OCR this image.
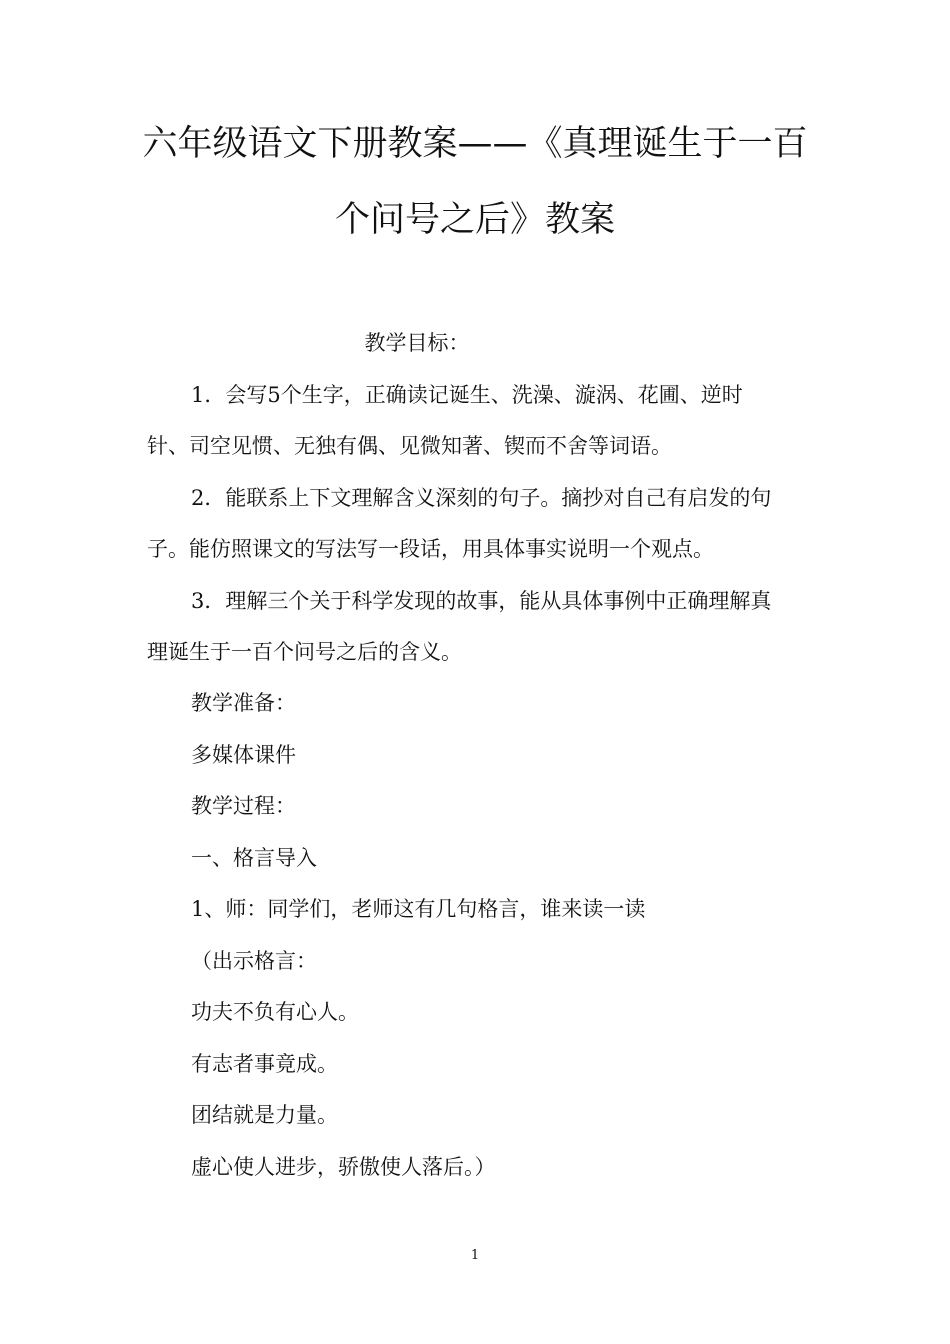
六年级语文下册教案——《真理诞生于一百
个问号之后》教案
教学目标：
1．会写5个生字，正确读记诞生、洗澡、漩涡、花圃、逆时
针、司空见惯、无独有偶、见微知著、锲而不舍等词语。
2．能联系上下文理解含义深刻的句子。摘抄对自己有启发的句
子。能仿照课文的写法写一段话，用具体事实说明一个观点。
3．理解三个关于科学发现的故事，能从具体事例中正确理解真
理诞生于一百个问号之后的含义。
教学准备：
多媒体课件
教学过程：
一、格言导入
1、师：同学们，老师这有几句格言，谁来读一读
（出示格言：
功夫不负有心人。
有志者事竟成。
团结就是力量。
虚心使人进步，骄傲使人落后。）
1
